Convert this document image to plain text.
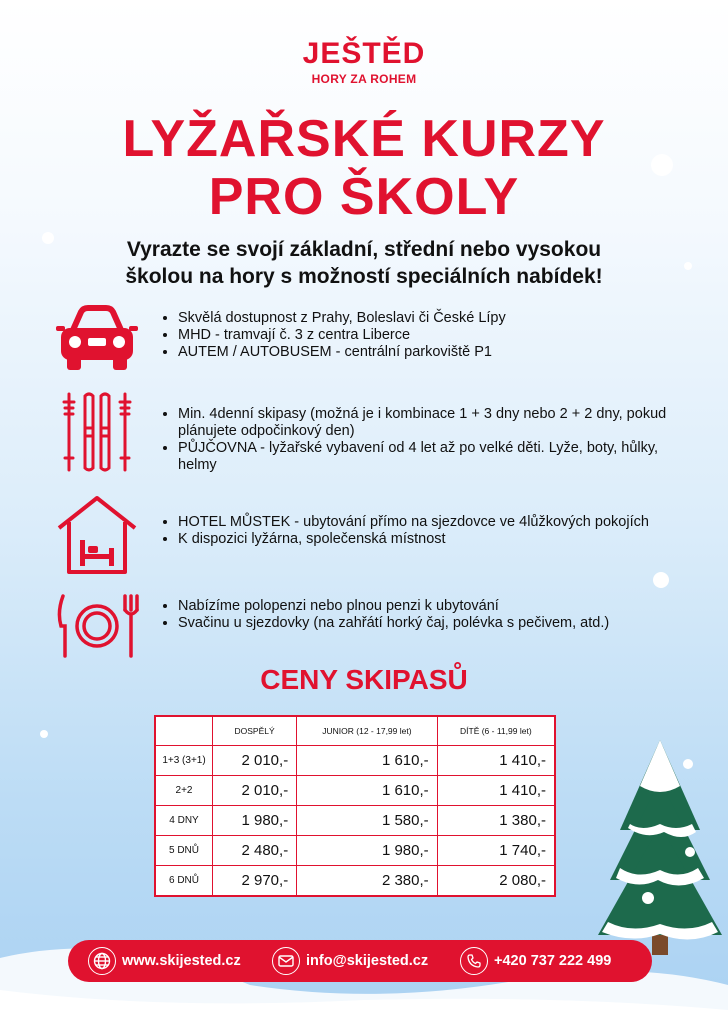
JEŠTĚD
HORY ZA ROHEM
LYŽAŘSKÉ KURZY
PRO ŠKOLY
Vyrazte se svojí základní, střední nebo vysokou
školou na hory s možností speciálních nabídek!
• Skvělá dostupnost z Prahy, Boleslavi či České Lípy
• MHD - tramvají č. 3 z centra Liberce
• AUTEM / AUTOBUSEM - centrální parkoviště P1
• Min. 4denní skipasy (možná je i kombinace 1 + 3 dny nebo 2 + 2 dny, pokud plánujete odpočinkový den)
• PŮJČOVNA - lyžařské vybavení od 4 let až po velké děti. Lyže, boty, hůlky, helmy
• HOTEL MŮSTEK - ubytování přímo na sjezdovce ve 4lůžkových pokojích
• K dispozici lyžárna, společenská místnost
• Nabízíme polopenzi nebo plnou penzi k ubytování
• Svačinu u sjezdovky (na zahřátí horký čaj, polévka s pečivem, atd.)
CENY SKIPASŮ
	DOSPĚLÝ	JUNIOR (12 - 17,99 let)	DÍTĚ (6 - 11,99 let)
1+3 (3+1)	2 010,-	1 610,-	1 410,-
2+2	2 010,-	1 610,-	1 410,-
4 DNY	1 980,-	1 580,-	1 380,-
5 DNŮ	2 480,-	1 980,-	1 740,-
6 DNŮ	2 970,-	2 380,-	2 080,-
www.skijested.cz	info@skijested.cz	+420 737 222 499
